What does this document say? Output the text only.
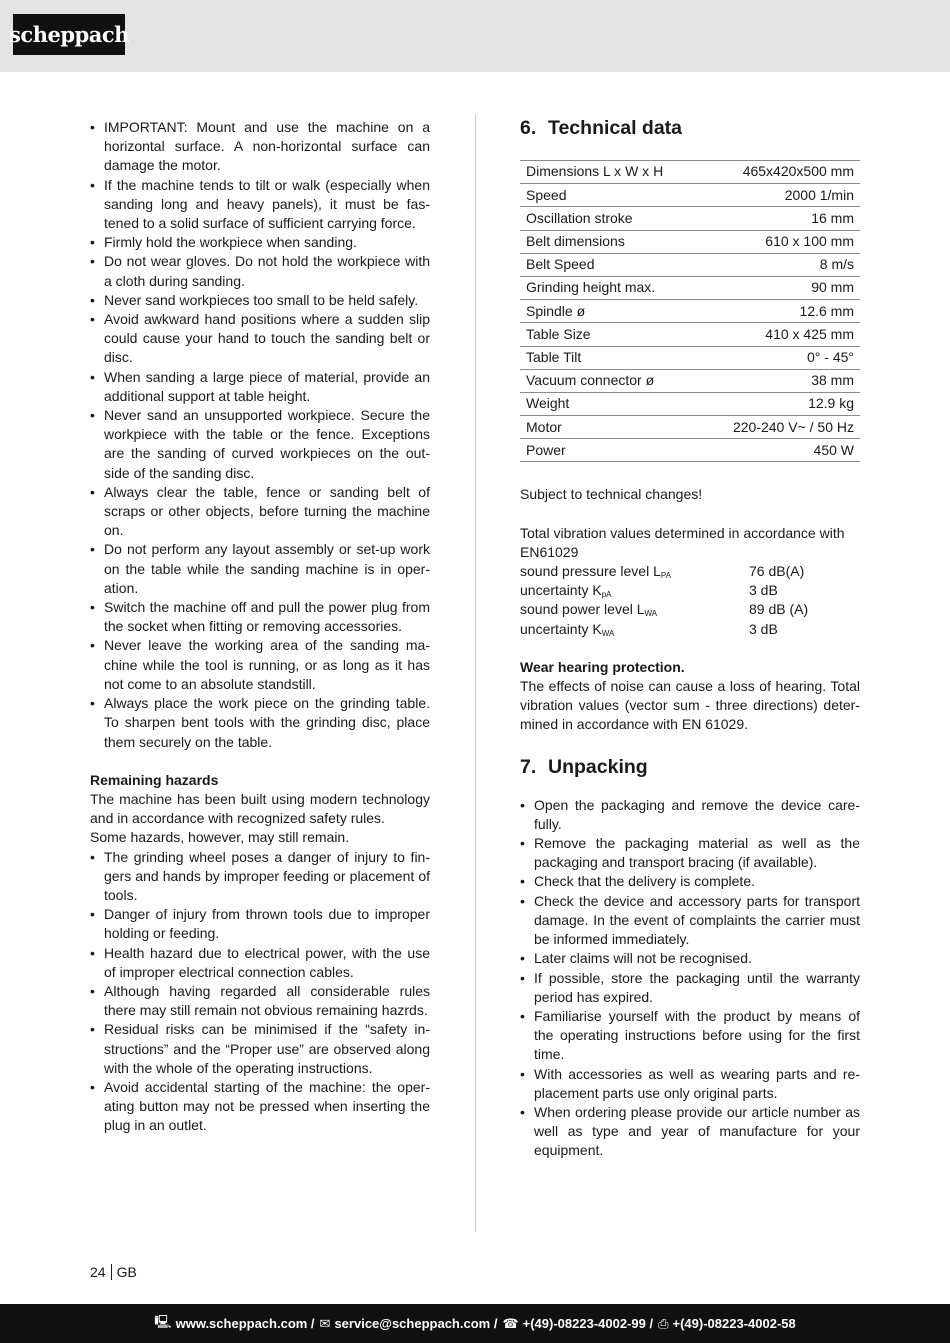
scheppach
• IMPORTANT: Mount and use the machine on a horizontal surface. A non-horizontal surface can damage the motor.
• If the machine tends to tilt or walk (especially when sanding long and heavy panels), it must be fas-tened to a solid surface of sufficient carrying force.
• Firmly hold the workpiece when sanding.
• Do not wear gloves. Do not hold the workpiece with a cloth during sanding.
• Never sand workpieces too small to be held safely.
• Avoid awkward hand positions where a sudden slip could cause your hand to touch the sanding belt or disc.
• When sanding a large piece of material, provide an additional support at table height.
• Never sand an unsupported workpiece. Secure the workpiece with the table or the fence. Exceptions are the sanding of curved workpieces on the out-side of the sanding disc.
• Always clear the table, fence or sanding belt of scraps or other objects, before turning the machine on.
• Do not perform any layout assembly or set-up work on the table while the sanding machine is in oper-ation.
• Switch the machine off and pull the power plug from the socket when fitting or removing accessories.
• Never leave the working area of the sanding ma-chine while the tool is running, or as long as it has not come to an absolute standstill.
• Always place the work piece on the grinding table. To sharpen bent tools with the grinding disc, place them securely on the table.

Remaining hazards

The machine has been built using modern technology and in accordance with recognized safety rules.

Some hazards, however, may still remain.

• The grinding wheel poses a danger of injury to fin-gers and hands by improper feeding or placement of tools.
• Danger of injury from thrown tools due to improper holding or feeding.
• Health hazard due to electrical power, with the use of improper electrical connection cables.
• Although having regarded all considerable rules there may still remain not obvious remaining hazrds.
• Residual risks can be minimised if the “safety in-structions” and the “Proper use” are observed along with the whole of the operating instructions.
• Avoid accidental starting of the machine: the oper-ating button may not be pressed when inserting the plug in an outlet.
6. Technical data
Dimensions L x W x H	465x420x500 mm
Speed	2000 1/min
Oscillation stroke	16 mm
Belt dimensions	610 x 100 mm
Belt Speed	8 m/s
Grinding height max.	90 mm
Spindle ø	12.6 mm
Table Size	410 x 425 mm
Table Tilt	0° - 45°
Vacuum connector ø	38 mm
Weight	12.9 kg
Motor	220-240 V~ / 50 Hz
Power	450 W

Subject to technical changes!

Total vibration values determined in accordance with EN61029

sound pressure level $L_{PA}$	76 dB(A)
uncertainty $K_{pA}$	3 dB
sound power level $L_{WA}$	89 dB (A)
uncertainty $K_{WA}$	3 dB

Wear hearing protection.

The effects of noise can cause a loss of hearing. Total vibration values (vector sum - three directions) deter-mined in accordance with EN 61029.

7. Unpacking
• Open the packaging and remove the device care-fully.
• Remove the packaging material as well as the packaging and transport bracing (if available).
• Check that the delivery is complete.
• Check the device and accessory parts for transport damage. In the event of complaints the carrier must be informed immediately.
• Later claims will not be recognised.
• If possible, store the packaging until the warranty period has expired.
• Familiarise yourself with the product by means of the operating instructions before using for the first time.
• With accessories as well as wearing parts and re-placement parts use only original parts.
• When ordering please provide our article number as well as type and year of manufacture for your equipment.
24 GB
🖳︎ www.scheppach.com / ✉︎ service@scheppach.com / ☎︎ +(49)-08223-4002-99 / ⎙ +(49)-08223-4002-58
